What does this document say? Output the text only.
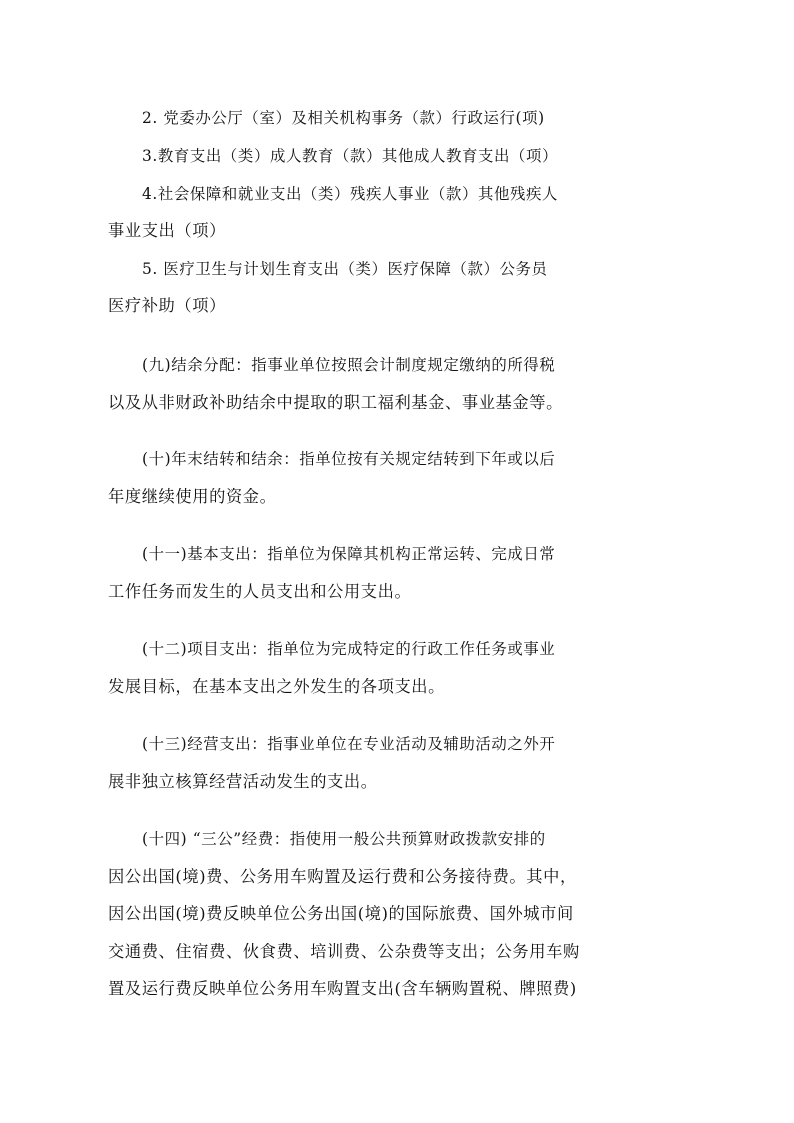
2. 党委办公厅（室）及相关机构事务（款）行政运行(项)
3.教育支出（类）成人教育（款）其他成人教育支出（项）
4.社会保障和就业支出（类）残疾人事业（款）其他残疾人
事业支出（项）
5. 医疗卫生与计划生育支出（类）医疗保障（款）公务员
医疗补助（项）
(九)结余分配：指事业单位按照会计制度规定缴纳的所得税
以及从非财政补助结余中提取的职工福利基金、事业基金等。
(十)年末结转和结余：指单位按有关规定结转到下年或以后
年度继续使用的资金。
(十一)基本支出：指单位为保障其机构正常运转、完成日常
工作任务而发生的人员支出和公用支出。
(十二)项目支出：指单位为完成特定的行政工作任务或事业
发展目标，在基本支出之外发生的各项支出。
(十三)经营支出：指事业单位在专业活动及辅助活动之外开
展非独立核算经营活动发生的支出。
(十四) “三公”经费：指使用一般公共预算财政拨款安排的
因公出国(境)费、公务用车购置及运行费和公务接待费。其中，
因公出国(境)费反映单位公务出国(境)的国际旅费、国外城市间
交通费、住宿费、伙食费、培训费、公杂费等支出；公务用车购
置及运行费反映单位公务用车购置支出(含车辆购置税、牌照费)
